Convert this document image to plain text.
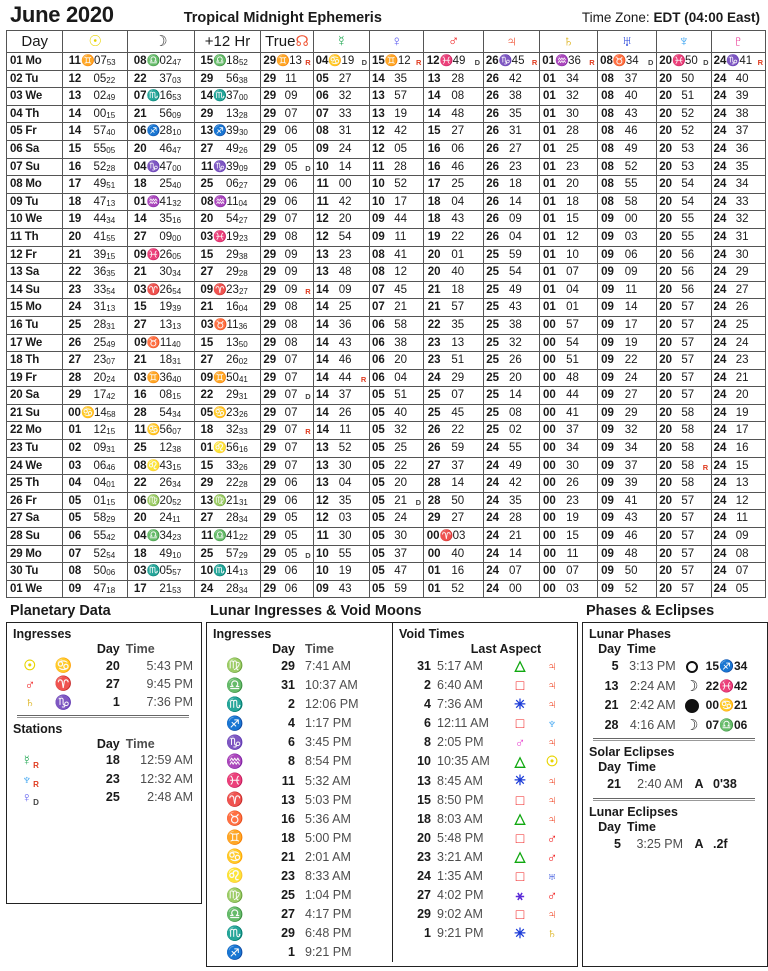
June 2020	Tropical Midnight Ephemeris	Time Zone: EDT (04:00 East)
Day	☉	☽	+12 Hr	True☊	☿	♀	♂	♃	♄	♅	♆	♇

01 Mo	11 ♊ 07 53	08 ♎ 02 47	15 ♎ 18 52	29 ♊ 13 R	04 ♋ 19 D	15 ♊ 12 R	12 ♓ 49 D	26 ♑ 45 R	01 ♒ 36 R	08 ♉ 34 D	20 ♓ 50 D	24 ♑ 41 R

02 Tu	12 05 22	22 37 03	29 56 38	29 11	05 27	14 35	13 28	26 42	01 34	08 37	20 50	24 40

03 We	13 02 49	07 ♏ 16 53	14 ♏ 37 00	29 09	06 32	13 57	14 08	26 38	01 32	08 40	20 51	24 39

04 Th	14 00 15	21 56 09	29 13 28	29 07	07 33	13 19	14 48	26 35	01 30	08 43	20 52	24 38

05 Fr	14 57 40	06 ♐ 28 10	13 ♐ 39 30	29 06	08 31	12 42	15 27	26 31	01 28	08 46	20 52	24 37

06 Sa	15 55 05	20 46 47	27 49 26	29 05	09 24	12 05	16 06	26 27	01 25	08 49	20 53	24 36

07 Su	16 52 28	04 ♑ 47 00	11 ♑ 39 09	29 05 D	10 14	11 28	16 46	26 23	01 23	08 52	20 53	24 35

08 Mo	17 49 51	18 25 40	25 06 27	29 06	11 00	10 52	17 25	26 18	01 20	08 55	20 54	24 34

09 Tu	18 47 13	01 ♒ 41 32	08 ♒ 11 04	29 06	11 42	10 17	18 04	26 14	01 18	08 58	20 54	24 33

10 We	19 44 34	14 35 16	20 54 27	29 07	12 20	09 44	18 43	26 09	01 15	09 00	20 55	24 32

11 Th	20 41 55	27 09 00	03 ♓ 19 23	29 08	12 54	09 11	19 22	26 04	01 12	09 03	20 55	24 31

12 Fr	21 39 15	09 ♓ 26 05	15 29 38	29 09	13 23	08 41	20 01	25 59	01 10	09 06	20 56	24 30

13 Sa	22 36 35	21 30 34	27 29 28	29 09	13 48	08 12	20 40	25 54	01 07	09 09	20 56	24 29

14 Su	23 33 54	03 ♈ 26 54	09 ♈ 23 27	29 09 R	14 09	07 45	21 18	25 49	01 04	09 11	20 56	24 27

15 Mo	24 31 13	15 19 39	21 16 04	29 08	14 25	07 21	21 57	25 43	01 01	09 14	20 57	24 26

16 Tu	25 28 31	27 13 13	03 ♉ 11 36	29 08	14 36	06 58	22 35	25 38	00 57	09 17	20 57	24 25

17 We	26 25 49	09 ♉ 11 40	15 13 50	29 08	14 43	06 38	23 13	25 32	00 54	09 19	20 57	24 24

18 Th	27 23 07	21 18 31	27 26 02	29 07	14 46	06 20	23 51	25 26	00 51	09 22	20 57	24 23

19 Fr	28 20 24	03 ♊ 36 40	09 ♊ 50 41	29 07	14 44 R	06 04	24 29	25 20	00 48	09 24	20 57	24 21

20 Sa	29 17 42	16 08 15	22 29 31	29 07 D	14 37	05 51	25 07	25 14	00 44	09 27	20 57	24 20

21 Su	00 ♋ 14 58	28 54 34	05 ♋ 23 26	29 07	14 26	05 40	25 45	25 08	00 41	09 29	20 58	24 19

22 Mo	01 12 15	11 ♋ 56 07	18 32 33	29 07 R	14 11	05 32	26 22	25 02	00 37	09 32	20 58	24 17

23 Tu	02 09 31	25 12 38	01 ♌ 56 16	29 07	13 52	05 25	26 59	24 55	00 34	09 34	20 58	24 16

24 We	03 06 46	08 ♌ 43 15	15 33 26	29 07	13 30	05 22	27 37	24 49	00 30	09 37	20 58 R	24 15

25 Th	04 04 01	22 26 34	29 22 28	29 06	13 04	05 20	28 14	24 42	00 26	09 39	20 58	24 13

26 Fr	05 01 15	06 ♍ 20 52	13 ♍ 21 31	29 06	12 35	05 21 D	28 50	24 35	00 23	09 41	20 57	24 12

27 Sa	05 58 29	20 24 11	27 28 34	29 05	12 03	05 24	29 27	24 28	00 19	09 43	20 57	24 11

28 Su	06 55 42	04 ♎ 34 23	11 ♎ 41 22	29 05	11 30	05 30	00 ♈ 03	24 21	00 15	09 46	20 57	24 09

29 Mo	07 52 54	18 49 10	25 57 29	29 05 D	10 55	05 37	00 40	24 14	00 11	09 48	20 57	24 08

30 Tu	08 50 06	03 ♏ 05 57	10 ♏ 14 13	29 06	10 19	05 47	01 16	24 07	00 07	09 50	20 57	24 07

01 We	09 47 18	17 21 53	24 28 34	29 06	09 43	05 59	01 52	24 00	00 03	09 52	20 57	24 05
Planetary Data
Ingresses
Day Time
☉	♋	20	5:43 PM
♂	♈	27	9:45 PM
♄	♑	1	7:36 PM
Stations
Day Time
$☿_R$	18	12:59 AM
$♆_R$	23	12:32 AM
$♀_D$	25	2:48 AM
Lunar Ingresses & Void Moons
Ingresses
Day Time
♍	29 7:41 AM
♎	31 10:37 AM
♏	2 12:06 PM
♐	4 1:17 PM
♑	6 3:45 PM
♒	8 8:54 PM
♓	11 5:32 AM
♈	13 5:03 PM
♉	16 5:36 AM
♊	18 5:00 PM
♋	21 2:01 AM
♌	23 8:33 AM
♍	25 1:04 PM
♎	27 4:17 PM
♏	29 6:48 PM
♐	1 9:21 PM
Void Times
Last Aspect
31 5:17 AM	△	♃
2 6:40 AM	□	♃
4 7:36 AM	✳	♃
6 12:11 AM	□	♆
8 2:05 PM	♂	♃
10 10:35 AM	△	☉
13 8:45 AM	✳	♃
15 8:50 PM	□	♃
18 8:03 AM	△	♃
20 5:48 PM	□	♂
23 3:21 AM	△	♂
24 1:35 AM	□	♅
27 4:02 PM	⚹	♂
29 9:02 AM	□	♃
1 9:21 PM	✳	♄
Phases & Eclipses
Lunar Phases
Day Time
5 3:13 PM	15♐34
13 2:24 AM ☽ 22♓42
21 2:42 AM	00♋21
28 4:16 AM ☽ 07♎06
Solar Eclipses
Day Time
21	2:40 AM A 0'38
Lunar Eclipses
Day Time
5	3:25 PM A .2f
